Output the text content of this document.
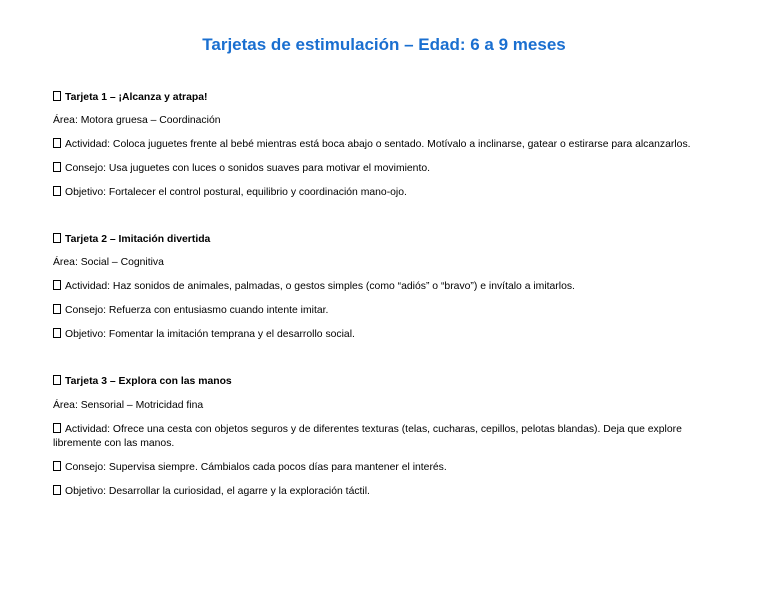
Tarjetas de estimulación – Edad: 6 a 9 meses
Tarjeta 1 – ¡Alcanza y atrapa!
Área: Motora gruesa – Coordinación
Actividad: Coloca juguetes frente al bebé mientras está boca abajo o sentado. Motívalo a inclinarse, gatear o estirarse para alcanzarlos.
Consejo: Usa juguetes con luces o sonidos suaves para motivar el movimiento.
Objetivo: Fortalecer el control postural, equilibrio y coordinación mano-ojo.
Tarjeta 2 – Imitación divertida
Área: Social – Cognitiva
Actividad: Haz sonidos de animales, palmadas, o gestos simples (como “adiós” o “bravo”) e invítalo a imitarlos.
Consejo: Refuerza con entusiasmo cuando intente imitar.
Objetivo: Fomentar la imitación temprana y el desarrollo social.
Tarjeta 3 – Explora con las manos
Área: Sensorial – Motricidad fina
Actividad: Ofrece una cesta con objetos seguros y de diferentes texturas (telas, cucharas, cepillos, pelotas blandas). Deja que explore libremente con las manos.
Consejo: Supervisa siempre. Cámbialos cada pocos días para mantener el interés.
Objetivo: Desarrollar la curiosidad, el agarre y la exploración táctil.
